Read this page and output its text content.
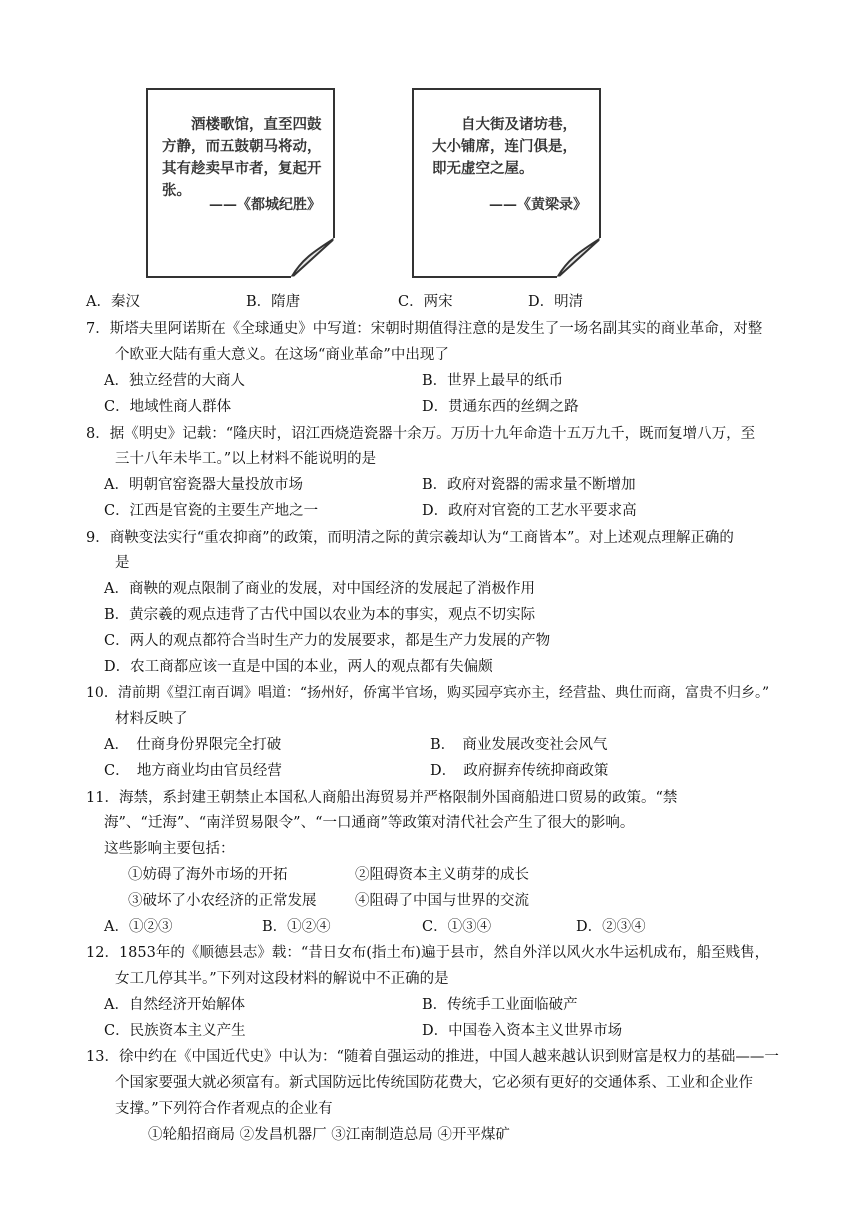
酒楼歌馆，直至四鼓方静，而五鼓朝马将动，其有趁卖早市者，复起开张。
——《都城纪胜》
自大街及诸坊巷，大小铺席，连门俱是，即无虚空之屋。
——《黄梁录》
A．秦汉	B．隋唐	C．两宋	D．明清
7．斯塔夫里阿诺斯在《全球通史》中写道：宋朝时期值得注意的是发生了一场名副其实的商业革命，对整
个欧亚大陆有重大意义。在这场“商业革命”中出现了
A．独立经营的大商人	B．世界上最早的纸币
C．地域性商人群体	D．贯通东西的丝绸之路
8．据《明史》记载：“隆庆时，诏江西烧造瓷器十余万。万历十九年命造十五万九千，既而复增八万，至
三十八年未毕工。”以上材料不能说明的是
A．明朝官窑瓷器大量投放市场	B．政府对瓷器的需求量不断增加
C．江西是官瓷的主要生产地之一	D．政府对官瓷的工艺水平要求高
9．商鞅变法实行“重农抑商”的政策，而明清之际的黄宗羲却认为“工商皆本”。对上述观点理解正确的
是
A．商鞅的观点限制了商业的发展，对中国经济的发展起了消极作用
B．黄宗羲的观点违背了古代中国以农业为本的事实，观点不切实际
C．两人的观点都符合当时生产力的发展要求，都是生产力发展的产物
D．农工商都应该一直是中国的本业，两人的观点都有失偏颇
10．清前期《望江南百调》唱道：“扬州好，侨寓半官场，购买园亭宾亦主，经营盐、典仕而商，富贵不归乡。”
材料反映了
A．　仕商身份界限完全打破	B．　商业发展改变社会风气
C．　地方商业均由官员经营	D．　政府摒弃传统抑商政策
11．海禁，系封建王朝禁止本国私人商船出海贸易并严格限制外国商船进口贸易的政策。“禁
海”、“迁海”、“南洋贸易限令”、“一口通商”等政策对清代社会产生了很大的影响。
这些影响主要包括：
①妨碍了海外市场的开拓	②阻碍资本主义萌芽的成长
③破坏了小农经济的正常发展	④阻碍了中国与世界的交流
A．①②③	B．①②④	C．①③④	D．②③④
12．1853年的《顺德县志》载：“昔日女布(指土布)遍于县市，然自外洋以风火水牛运机成布，船至贱售，
女工几停其半。”下列对这段材料的解说中不正确的是
A．自然经济开始解体	B．传统手工业面临破产
C．民族资本主义产生	D．中国卷入资本主义世界市场
13．徐中约在《中国近代史》中认为：“随着自强运动的推进，中国人越来越认识到财富是权力的基础——一
个国家要强大就必须富有。新式国防远比传统国防花费大，它必须有更好的交通体系、工业和企业作
支撑。”下列符合作者观点的企业有
①轮船招商局 ②发昌机器厂 ③江南制造总局 ④开平煤矿
